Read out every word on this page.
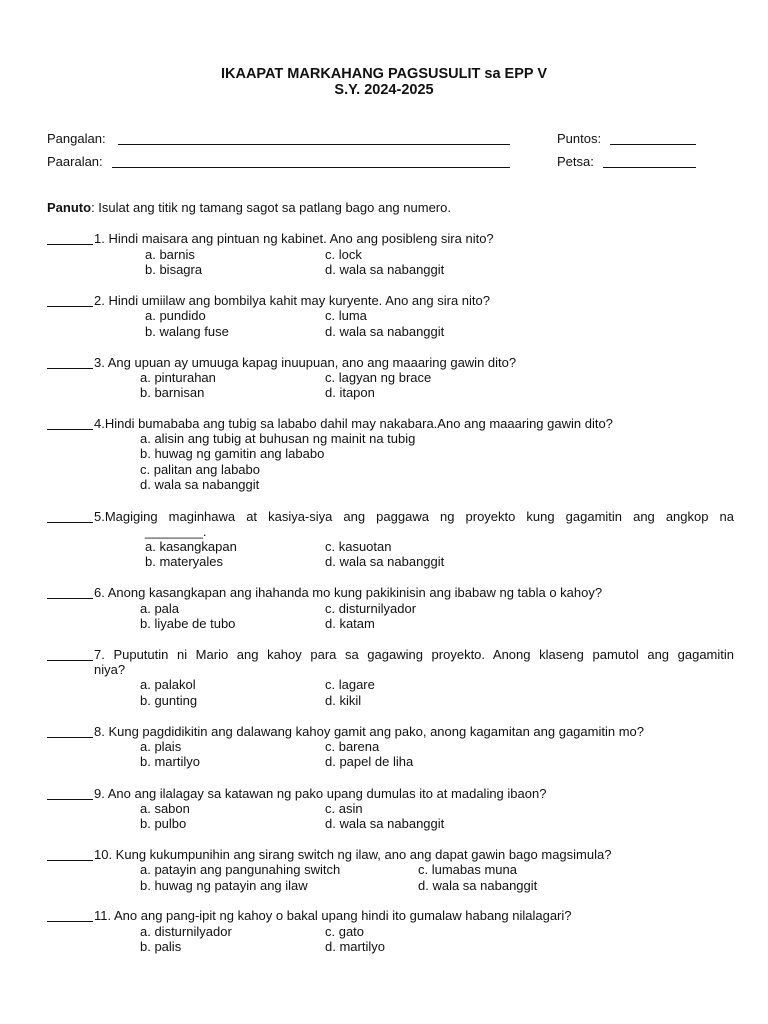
IKAAPAT MARKAHANG PAGSUSULIT sa EPP V
S.Y. 2024-2025
Pangalan:	Puntos:
Paaralan:	Petsa:
Panuto: Isulat ang titik ng tamang sagot sa patlang bago ang numero.
1. Hindi maisara ang pintuan ng kabinet. Ano ang posibleng sira nito?
a. barnis	c. lock
b. bisagra	d. wala sa nabanggit
2. Hindi umiilaw ang bombilya kahit may kuryente. Ano ang sira nito?
a. pundido	c. luma
b. walang fuse	d. wala sa nabanggit
3. Ang upuan ay umuuga kapag inuupuan, ano ang maaaring gawin dito?
a. pinturahan	c. lagyan ng brace
b. barnisan	d. itapon
4.Hindi bumababa ang tubig sa lababo dahil may nakabara.Ano ang maaaring gawin dito?
a. alisin ang tubig at buhusan ng mainit na tubig
b. huwag ng gamitin ang lababo
c. palitan ang lababo
d. wala sa nabanggit
5.Magiging maginhawa at kasiya-siya ang paggawa ng proyekto kung gagamitin ang angkop na
________.
a. kasangkapan	c. kasuotan
b. materyales	d. wala sa nabanggit
6. Anong kasangkapan ang ihahanda mo kung pakikinisin ang ibabaw ng tabla o kahoy?
a. pala	c. disturnilyador
b. liyabe de tubo	d. katam
7. Pupututin ni Mario ang kahoy para sa gagawing proyekto. Anong klaseng pamutol ang gagamitin
niya?
a. palakol	c. lagare
b. gunting	d. kikil
8. Kung pagdidikitin ang dalawang kahoy gamit ang pako, anong kagamitan ang gagamitin mo?
a. plais	c. barena
b. martilyo	d. papel de liha
9. Ano ang ilalagay sa katawan ng pako upang dumulas ito at madaling ibaon?
a. sabon	c. asin
b. pulbo	d. wala sa nabanggit
10. Kung kukumpunihin ang sirang switch ng ilaw, ano ang dapat gawin bago magsimula?
a. patayin ang pangunahing switch	c. lumabas muna
b. huwag ng patayin ang ilaw	d. wala sa nabanggit
11. Ano ang pang-ipit ng kahoy o bakal upang hindi ito gumalaw habang nilalagari?
a. disturnilyador	c. gato
b. palis	d. martilyo
